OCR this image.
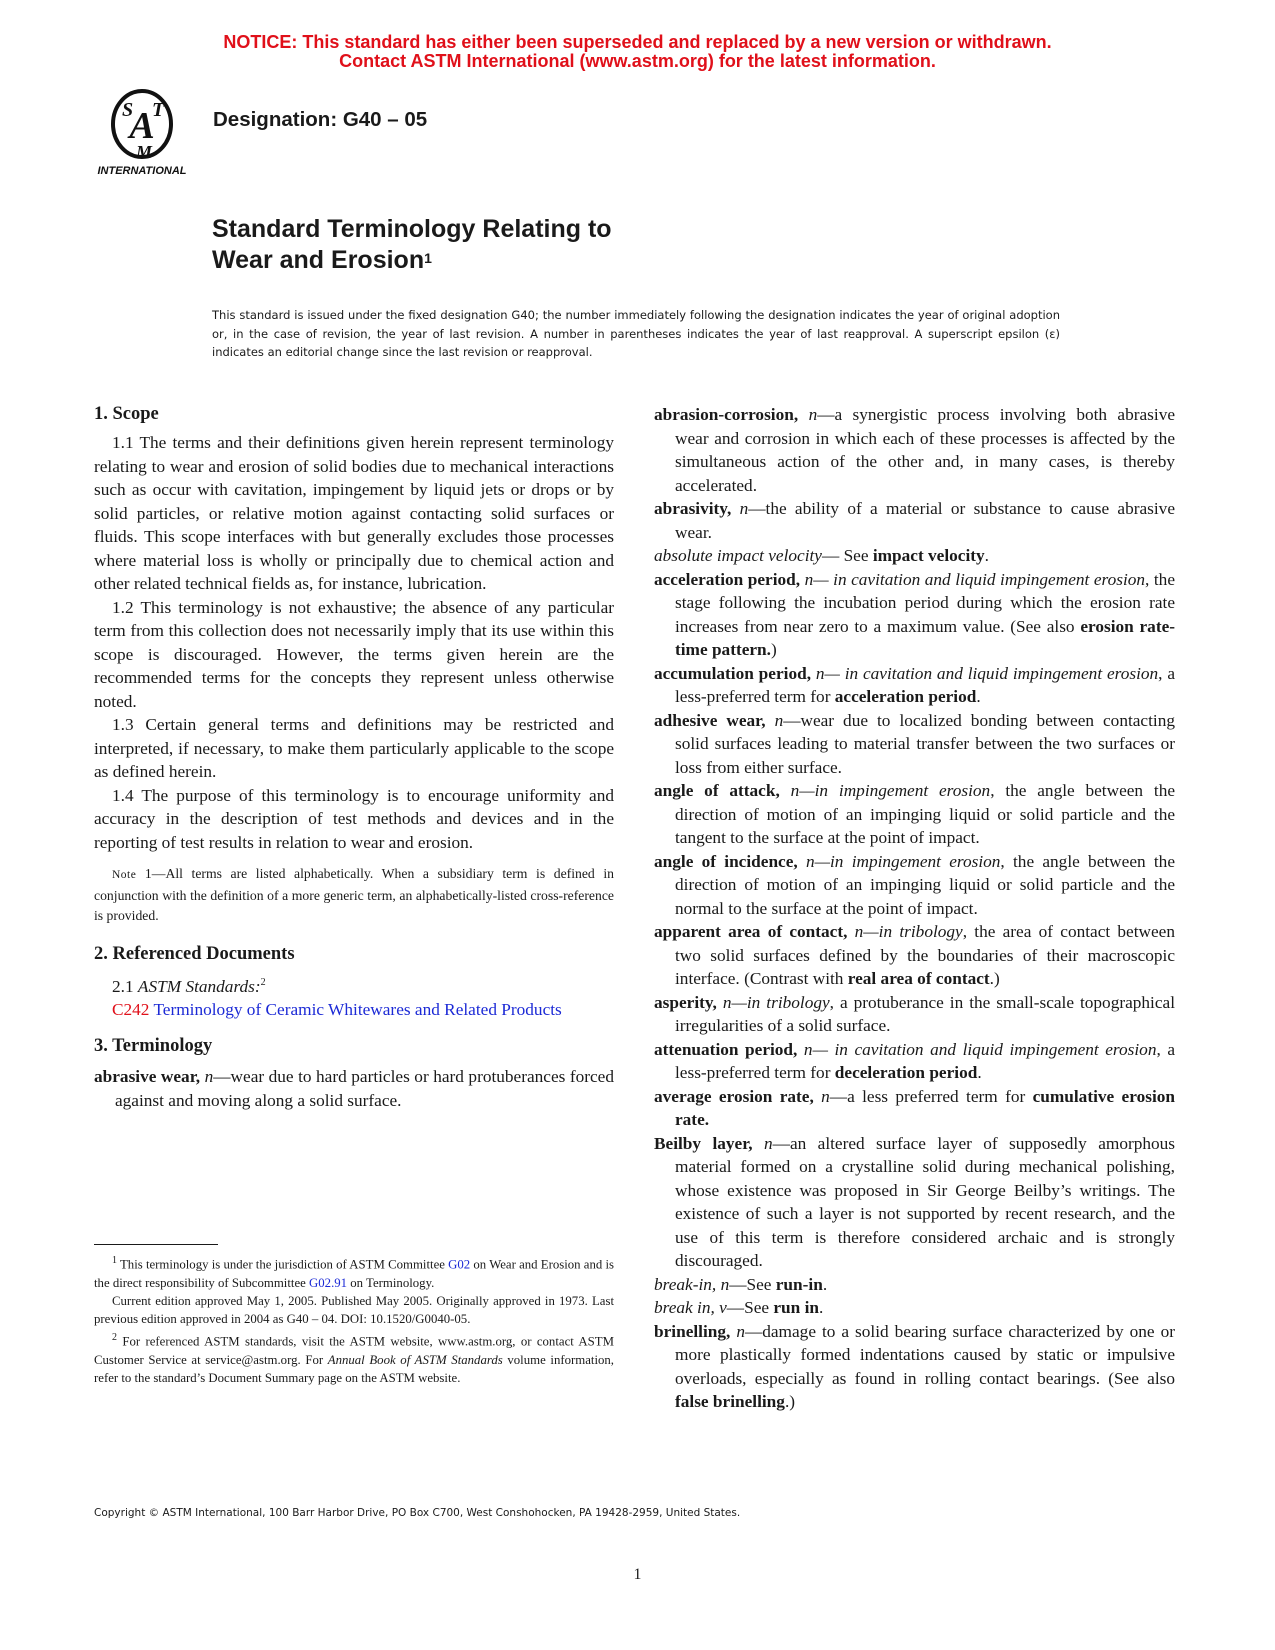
NOTICE: This standard has either been superseded and replaced by a new version or withdrawn.
Contact ASTM International (www.astm.org) for the latest information.
A
S T
M
INTERNATIONAL
Designation: G40 – 05
Standard Terminology Relating to
Wear and Erosion$^1$
This standard is issued under the fixed designation G40; the number immediately following the designation indicates the year of original adoption or, in the case of revision, the year of last revision. A number in parentheses indicates the year of last reapproval. A superscript epsilon (ε) indicates an editorial change since the last revision or reapproval.
1. Scope

1.1 The terms and their definitions given herein represent terminology relating to wear and erosion of solid bodies due to mechanical interactions such as occur with cavitation, impingement by liquid jets or drops or by solid particles, or relative motion against contacting solid surfaces or fluids. This scope interfaces with but generally excludes those processes where material loss is wholly or principally due to chemical action and other related technical fields as, for instance, lubrication.

1.2 This terminology is not exhaustive; the absence of any particular term from this collection does not necessarily imply that its use within this scope is discouraged. However, the terms given herein are the recommended terms for the concepts they represent unless otherwise noted.

1.3 Certain general terms and definitions may be restricted and interpreted, if necessary, to make them particularly applicable to the scope as defined herein.

1.4 The purpose of this terminology is to encourage uniformity and accuracy in the description of test methods and devices and in the reporting of test results in relation to wear and erosion.

Note 1—All terms are listed alphabetically. When a subsidiary term is defined in conjunction with the definition of a more generic term, an alphabetically-listed cross-reference is provided.

2. Referenced Documents

2.1 ASTM Standards:$^2$

C242 Terminology of Ceramic Whitewares and Related Products

3. Terminology

abrasive wear, n—wear due to hard particles or hard protuberances forced against and moving along a solid surface.

$^1$ This terminology is under the jurisdiction of ASTM Committee G02 on Wear and Erosion and is the direct responsibility of Subcommittee G02.91 on Terminology.

Current edition approved May 1, 2005. Published May 2005. Originally approved in 1973. Last previous edition approved in 2004 as G40 – 04. DOI: 10.1520/G0040-05.

$^2$ For referenced ASTM standards, visit the ASTM website, www.astm.org, or contact ASTM Customer Service at service@astm.org. For Annual Book of ASTM Standards volume information, refer to the standard’s Document Summary page on the ASTM website.

abrasion-corrosion, n—a synergistic process involving both abrasive wear and corrosion in which each of these processes is affected by the simultaneous action of the other and, in many cases, is thereby accelerated.

abrasivity, n—the ability of a material or substance to cause abrasive wear.

absolute impact velocity— See impact velocity.

acceleration period, n— in cavitation and liquid impingement erosion, the stage following the incubation period during which the erosion rate increases from near zero to a maximum value. (See also erosion rate-time pattern.)

accumulation period, n— in cavitation and liquid impingement erosion, a less-preferred term for acceleration period.

adhesive wear, n—wear due to localized bonding between contacting solid surfaces leading to material transfer between the two surfaces or loss from either surface.

angle of attack, n—in impingement erosion, the angle between the direction of motion of an impinging liquid or solid particle and the tangent to the surface at the point of impact.

angle of incidence, n—in impingement erosion, the angle between the direction of motion of an impinging liquid or solid particle and the normal to the surface at the point of impact.

apparent area of contact, n—in tribology, the area of contact between two solid surfaces defined by the boundaries of their macroscopic interface. (Contrast with real area of contact.)

asperity, n—in tribology, a protuberance in the small-scale topographical irregularities of a solid surface.

attenuation period, n— in cavitation and liquid impingement erosion, a less-preferred term for deceleration period.

average erosion rate, n—a less preferred term for cumulative erosion rate.

Beilby layer, n—an altered surface layer of supposedly amorphous material formed on a crystalline solid during mechanical polishing, whose existence was proposed in Sir George Beilby’s writings. The existence of such a layer is not supported by recent research, and the use of this term is therefore considered archaic and is strongly discouraged.

break-in, n—See run-in.

break in, v—See run in.

brinelling, n—damage to a solid bearing surface characterized by one or more plastically formed indentations caused by static or impulsive overloads, especially as found in rolling contact bearings. (See also false brinelling.)

Copyright © ASTM International, 100 Barr Harbor Drive, PO Box C700, West Conshohocken, PA 19428-2959, United States.
1
